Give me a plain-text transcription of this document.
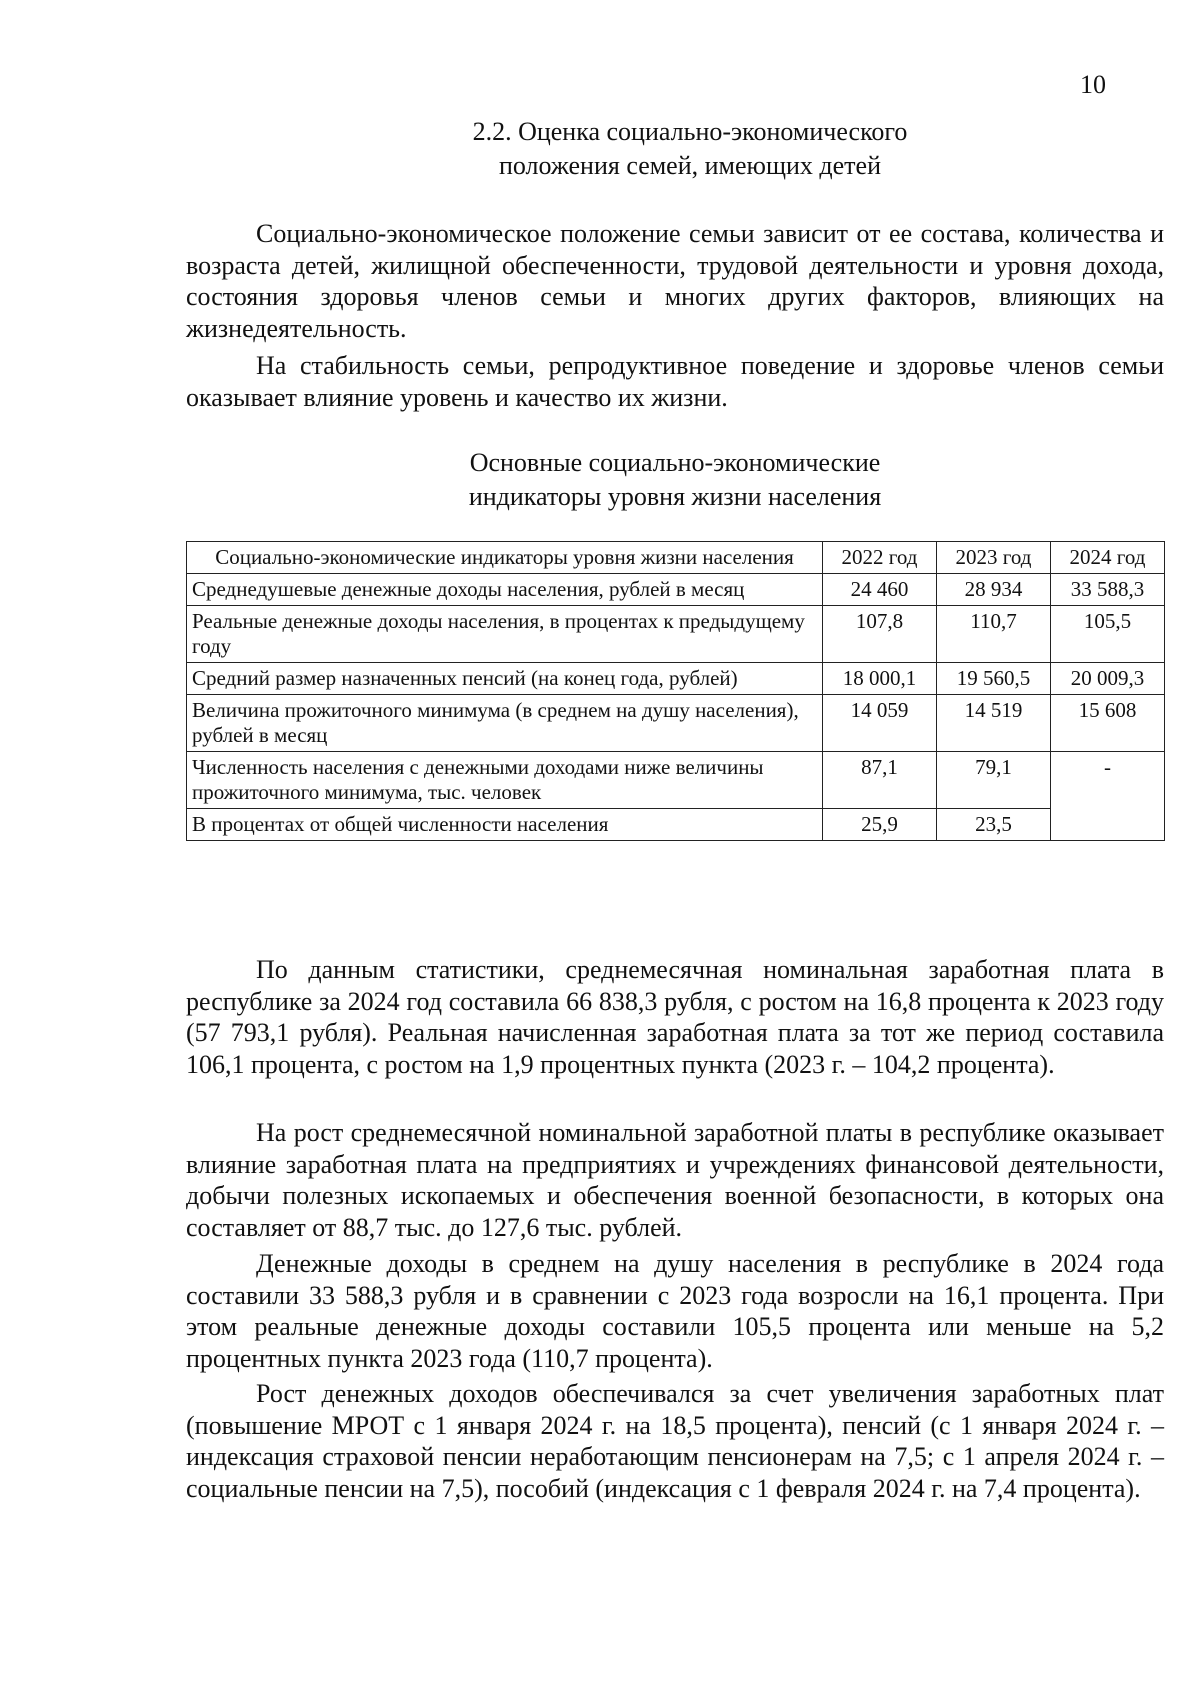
10
2.2. Оценка социально-экономического
положения семей, имеющих детей

Социально-экономическое положение семьи зависит от ее состава, количества и возраста детей, жилищной обеспеченности, трудовой деятельности и уровня дохода, состояния здоровья членов семьи и многих других факторов, влияющих на жизнедеятельность.

На стабильность семьи, репродуктивное поведение и здоровье членов семьи оказывает влияние уровень и качество их жизни.

Основные социально-экономические
индикаторы уровня жизни населения
Социально-экономические индикаторы уровня жизни населения	2022 год	2023 год	2024 год
Среднедушевые денежные доходы населения, рублей в месяц	24 460	28 934	33 588,3
Реальные денежные доходы населения, в процентах к предыдущему году	107,8	110,7	105,5
Средний размер назначенных пенсий (на конец года, рублей)	18 000,1	19 560,5	20 009,3
Величина прожиточного минимума (в среднем на душу населения), рублей в месяц	14 059	14 519	15 608
Численность населения с денежными доходами ниже величины прожиточного минимума, тыс. человек	87,1	79,1	-
В процентах от общей численности населения	25,9	23,5	

По данным статистики, среднемесячная номинальная заработная плата в республике за 2024 год составила 66 838,3 рубля, с ростом на 16,8 процента к 2023 году (57 793,1 рубля). Реальная начисленная заработная плата за тот же период составила 106,1 процента, с ростом на 1,9 процентных пункта (2023 г. – 104,2 процента).

На рост среднемесячной номинальной заработной платы в республике оказывает влияние заработная плата на предприятиях и учреждениях финансовой деятельности, добычи полезных ископаемых и обеспечения военной безопасности, в которых она составляет от 88,7 тыс. до 127,6 тыс. рублей.

Денежные доходы в среднем на душу населения в республике в 2024 года составили 33 588,3 рубля и в сравнении с 2023 года возросли на 16,1 процента. При этом реальные денежные доходы составили 105,5 процента или меньше на 5,2 процентных пункта 2023 года (110,7 процента).

Рост денежных доходов обеспечивался за счет увеличения заработных плат (повышение МРОТ с 1 января 2024 г. на 18,5 процента), пенсий (с 1 января 2024 г. – индексация страховой пенсии неработающим пенсионерам на 7,5; с 1 апреля 2024 г. – социальные пенсии на 7,5), пособий (индексация с 1 февраля 2024 г. на 7,4 процента).
